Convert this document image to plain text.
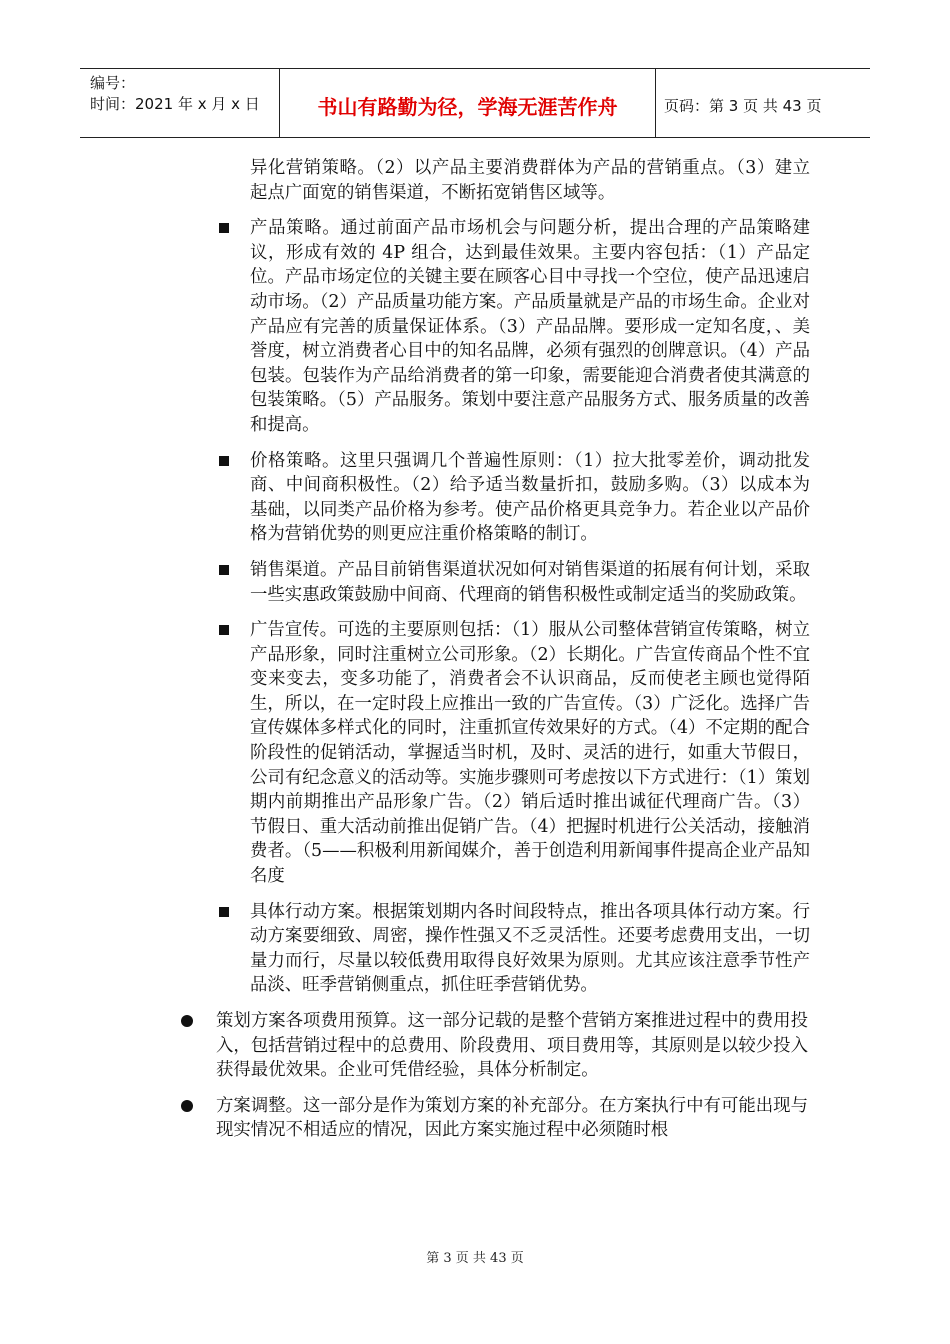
编号：
时间：2021 年 x 月 x 日	书山有路勤为径，学海无涯苦作舟	页码：第 3 页 共 43 页

异化营销策略。（2）以产品主要消费群体为产品的营销重点。（3）建立起点广面宽的销售渠道，不断拓宽销售区域等。

产品策略。通过前面产品市场机会与问题分析，提出合理的产品策略建议，形成有效的 4P 组合，达到最佳效果。主要内容包括：（1）产品定位。产品市场定位的关键主要在顾客心目中寻找一个空位，使产品迅速启动市场。（2）产品质量功能方案。产品质量就是产品的市场生命。企业对产品应有完善的质量保证体系。（3）产品品牌。要形成一定知名度，、美誉度，树立消费者心目中的知名品牌，必须有强烈的创牌意识。（4）产品包装。包装作为产品给消费者的第一印象，需要能迎合消费者使其满意的包装策略。（5）产品服务。策划中要注意产品服务方式、服务质量的改善和提高。

价格策略。这里只强调几个普遍性原则：（1）拉大批零差价，调动批发商、中间商积极性。（2）给予适当数量折扣，鼓励多购。（3）以成本为基础，以同类产品价格为参考。使产品价格更具竞争力。若企业以产品价格为营销优势的则更应注重价格策略的制订。

销售渠道。产品目前销售渠道状况如何对销售渠道的拓展有何计划，采取一些实惠政策鼓励中间商、代理商的销售积极性或制定适当的奖励政策。

广告宣传。可选的主要原则包括：（1）服从公司整体营销宣传策略，树立产品形象，同时注重树立公司形象。（2）长期化。广告宣传商品个性不宜变来变去，变多功能了，消费者会不认识商品，反而使老主顾也觉得陌生，所以，在一定时段上应推出一致的广告宣传。（3）广泛化。选择广告宣传媒体多样式化的同时，注重抓宣传效果好的方式。（4）不定期的配合阶段性的促销活动，掌握适当时机，及时、灵活的进行，如重大节假日，公司有纪念意义的活动等。实施步骤则可考虑按以下方式进行：（1）策划期内前期推出产品形象广告。（2）销后适时推出诚征代理商广告。（3）节假日、重大活动前推出促销广告。（4）把握时机进行公关活动，接触消费者。（5——积极利用新闻媒介，善于创造利用新闻事件提高企业产品知名度

具体行动方案。根据策划期内各时间段特点，推出各项具体行动方案。行动方案要细致、周密，操作性强又不乏灵活性。还要考虑费用支出，一切量力而行，尽量以较低费用取得良好效果为原则。尤其应该注意季节性产品淡、旺季营销侧重点，抓住旺季营销优势。

策划方案各项费用预算。这一部分记载的是整个营销方案推进过程中的费用投入，包括营销过程中的总费用、阶段费用、项目费用等，其原则是以较少投入获得最优效果。企业可凭借经验，具体分析制定。

方案调整。这一部分是作为策划方案的补充部分。在方案执行中有可能出现与现实情况不相适应的情况，因此方案实施过程中必须随时根

第 3 页 共 43 页
